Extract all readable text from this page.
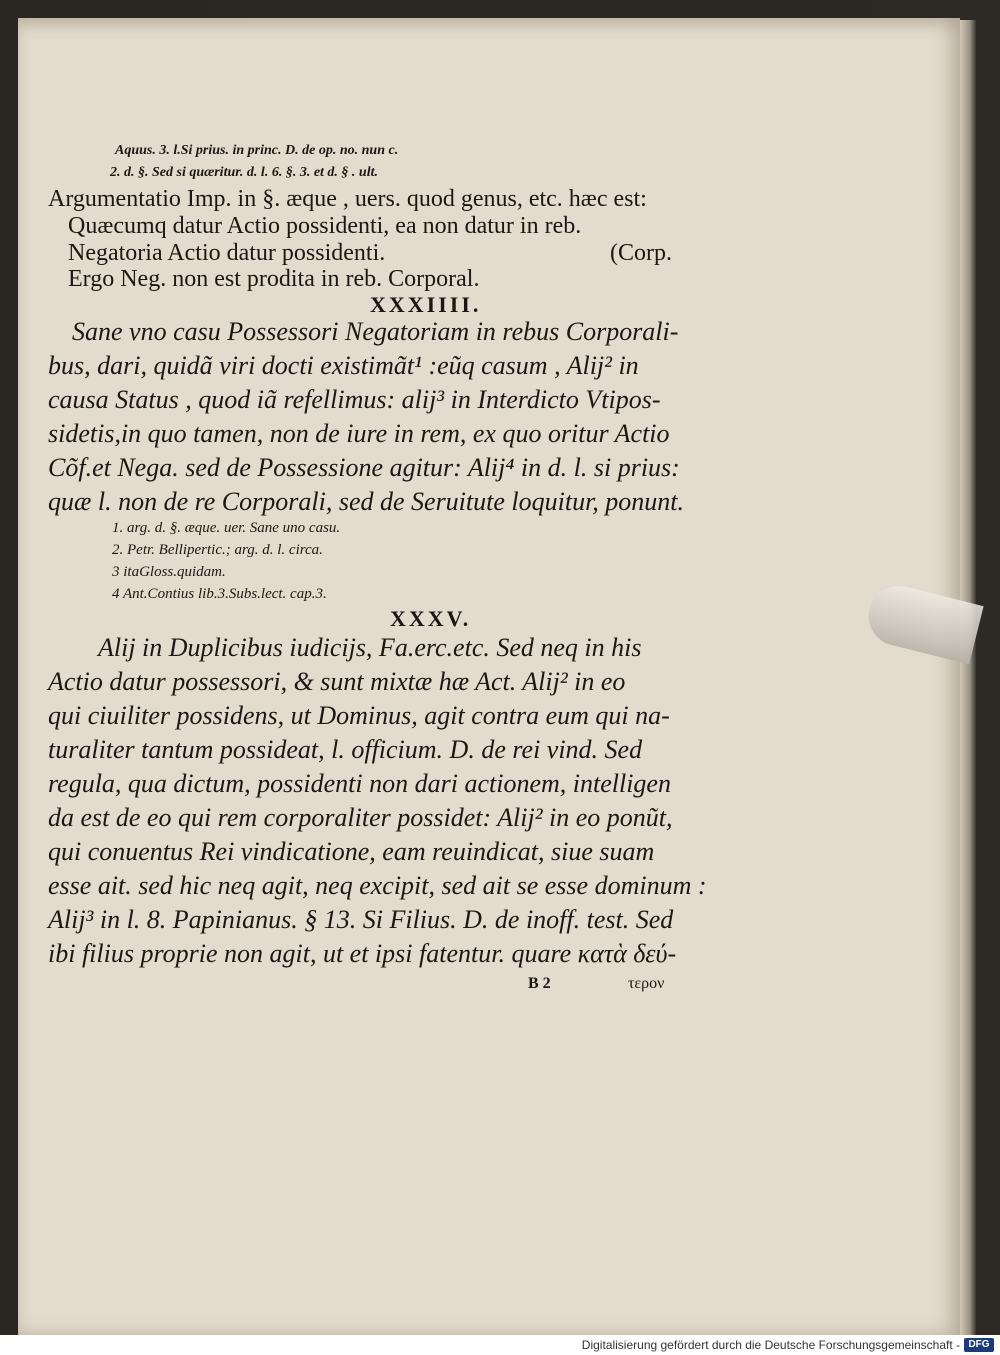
Aquus. 3. l.Si prius. in princ. D. de op. no. nun c.
2. d. §. Sed si quæritur. d. l. 6. §. 3. et d. § . ult.
Argumentatio Imp. in §. æque , uers. quod genus, etc. hæc est:
Quæcumq datur Actio possidenti, ea non datur in reb.
Negatoria Actio datur possidenti.	(Corp.
Ergo Neg. non est prodita in reb. Corporal.
XXXIIII.
Sane vno casu Possessori Negatoriam in rebus Corporali-
bus, dari, quidã viri docti existimãt¹ :eũq casum , Alij² in
causa Status , quod iã refellimus: alij³ in Interdicto Vtipos-
sidetis,in quo tamen, non de iure in rem, ex quo oritur Actio
Cõf.et Nega. sed de Possessione agitur: Alij⁴ in d. l. si prius:
quæ l. non de re Corporali, sed de Seruitute loquitur, ponunt.
1. arg. d. §. æque. uer. Sane uno casu.
2. Petr. Bellipertic.; arg. d. l. circa.
3 itaGloss.quidam.
4 Ant.Contius lib.3.Subs.lect. cap.3.
XXXV.
Alij in Duplicibus iudicijs, Fa.erc.etc. Sed neq in his
Actio datur possessori, & sunt mixtæ hæ Act. Alij² in eo
qui ciuiliter possidens, ut Dominus, agit contra eum qui na-
turaliter tantum possideat, l. officium. D. de rei vind. Sed
regula, qua dictum, possidenti non dari actionem, intelligen
da est de eo qui rem corporaliter possidet: Alij² in eo ponũt,
qui conuentus Rei vindicatione, eam reuindicat, siue suam
esse ait. sed hic neq agit, neq excipit, sed ait se esse dominum :
Alij³ in l. 8. Papinianus. § 13. Si Filius. D. de inoff. test. Sed
ibi filius proprie non agit, ut et ipsi fatentur. quare κατὰ δεύ-
B 2	τερον
Digitalisierung gefördert durch die Deutsche Forschungsgemeinschaft - DFG
